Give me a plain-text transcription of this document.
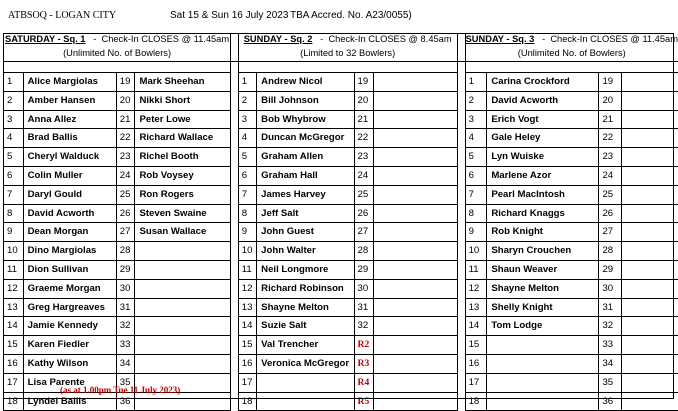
ATBSOQ - LOGAN CITY	Sat 15 & Sun 16 July 2023 TBA Accred. No. A23/0055)
SATURDAY - Sq. 1   -  Check-In CLOSES @ 11.45am					SUNDAY - Sq. 2   -  Check-In CLOSES @ 8.45am					SUNDAY - Sq. 3   -  Check-In CLOSES @ 11.45am			
(Unlimited No. of Bowlers)					(Limited to 32 Bowlers)					(Unlimited No. of Bowlers)			

1	Alice Margiolas	19	Mark Sheehan		1	Andrew Nicol	19			1	Carina Crockford	19	
2	Amber Hansen	20	Nikki Short		2	Bill Johnson	20			2	David Acworth	20	
3	Anna Allez	21	Peter Lowe		3	Bob Whybrow	21			3	Erich Vogt	21	
4	Brad Ballis	22	Richard Wallace		4	Duncan McGregor	22			4	Gale Heley	22	
5	Cheryl Walduck	23	Richel Booth		5	Graham Allen	23			5	Lyn Wuiske	23	
6	Colin Muller	24	Rob Voysey		6	Graham Hall	24			6	Marlene Azor	24	
7	Daryl Gould	25	Ron Rogers		7	James Harvey	25			7	Pearl MacIntosh	25	
8	David Acworth	26	Steven Swaine		8	Jeff Salt	26			8	Richard Knaggs	26	
9	Dean Morgan	27	Susan Wallace		9	John Guest	27			9	Rob Knight	27	
10	Dino Margiolas	28			10	John Walter	28			10	Sharyn Crouchen	28	
11	Dion Sullivan	29			11	Neil Longmore	29			11	Shaun Weaver	29	
12	Graeme Morgan	30			12	Richard Robinson	30			12	Shayne Melton	30	
13	Greg Hargreaves	31			13	Shayne Melton	31			13	Shelly Knight	31	
14	Jamie Kennedy	32			14	Suzie Salt	32			14	Tom Lodge	32	
15	Karen Fiedler	33			15	Val Trencher	R2			15		33	
16	Kathy Wilson	34			16	Veronica McGregor	R3			16		34	
17	Lisa Parente	35			17		R4			17		35	
18	Lyndel Ballis	36			18		R5			18		36	
(as at 1.00pm Tue 11 July 2023)
